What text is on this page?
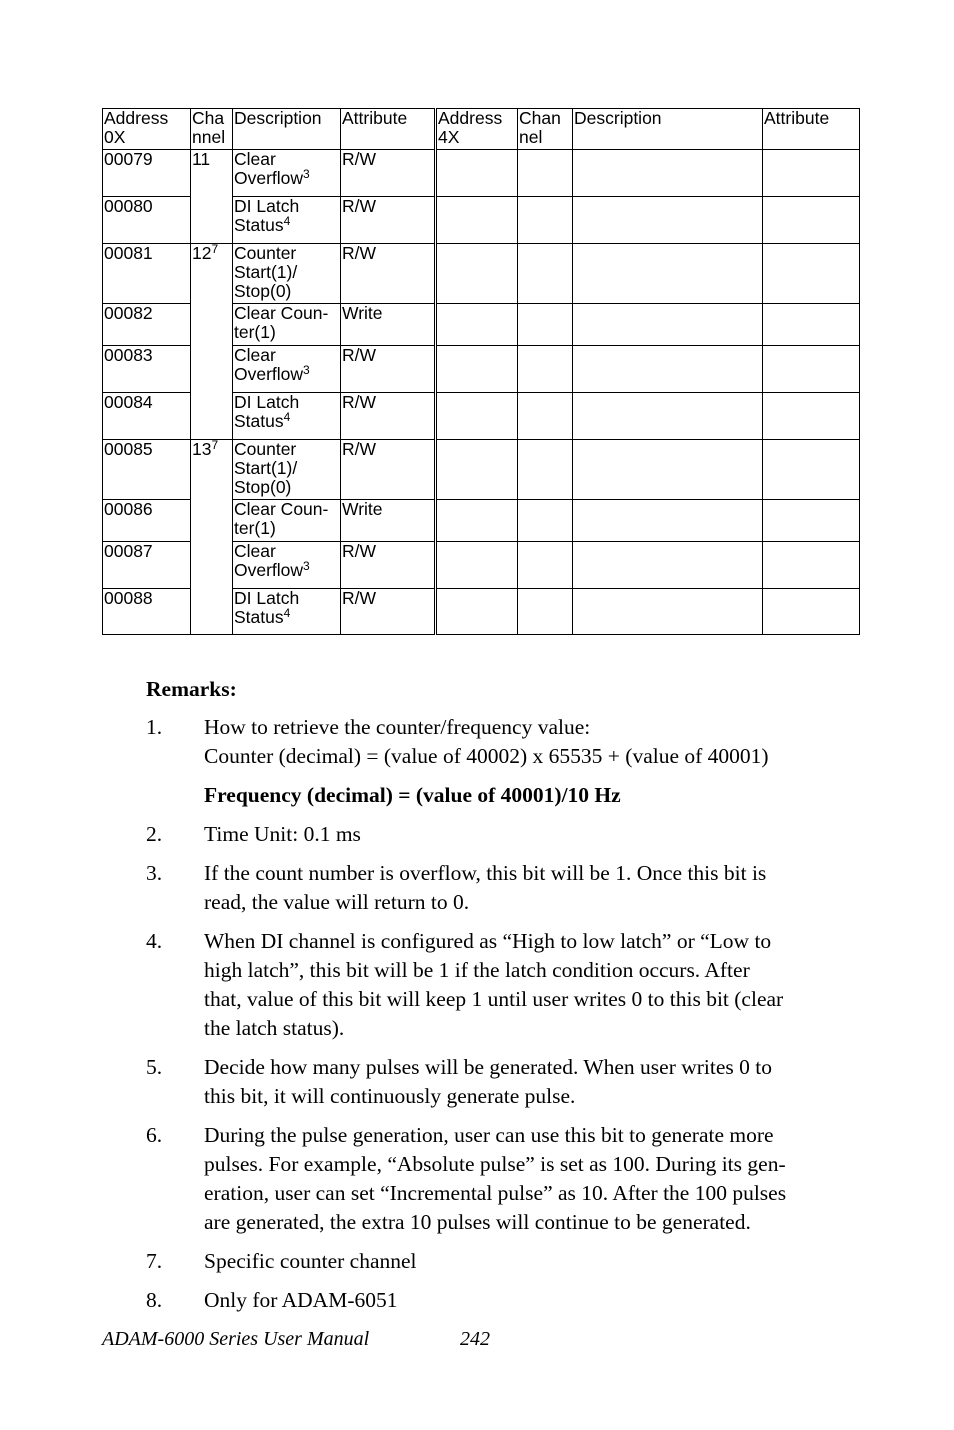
Address
0X	Cha
nnel	Description	Attribute	Address
4X	Chan
nel	Description	Attribute
00079	11	Clear
Overflow$^3$	R/W				
00080		DI Latch
Status$^4$	R/W				
00081	$12^7$	Counter
Start(1)/
Stop(0)	R/W				
00082		Clear Coun-
ter(1)	Write				
00083		Clear
Overflow$^3$	R/W				
00084		DI Latch
Status$^4$	R/W				
00085	$13^7$	Counter
Start(1)/
Stop(0)	R/W				
00086		Clear Coun-
ter(1)	Write				
00087		Clear
Overflow$^3$	R/W				
00088		DI Latch
Status$^4$	R/W				
Remarks:
1.	How to retrieve the counter/frequency value:
Counter (decimal) = (value of 40002) x 65535 + (value of 40001)
Frequency (decimal) = (value of 40001)/10 Hz
2.	Time Unit: 0.1 ms
3.	If the count number is overflow, this bit will be 1. Once this bit is
read, the value will return to 0.
4.	When DI channel is configured as “High to low latch” or “Low to
high latch”, this bit will be 1 if the latch condition occurs. After
that, value of this bit will keep 1 until user writes 0 to this bit (clear
the latch status).
5.	Decide how many pulses will be generated. When user writes 0 to
this bit, it will continuously generate pulse.
6.	During the pulse generation, user can use this bit to generate more
pulses. For example, “Absolute pulse” is set as 100. During its gen-
eration, user can set “Incremental pulse” as 10. After the 100 pulses
are generated, the extra 10 pulses will continue to be generated.
7.	Specific counter channel
8.	Only for ADAM-6051
ADAM-6000 Series User Manual	242
